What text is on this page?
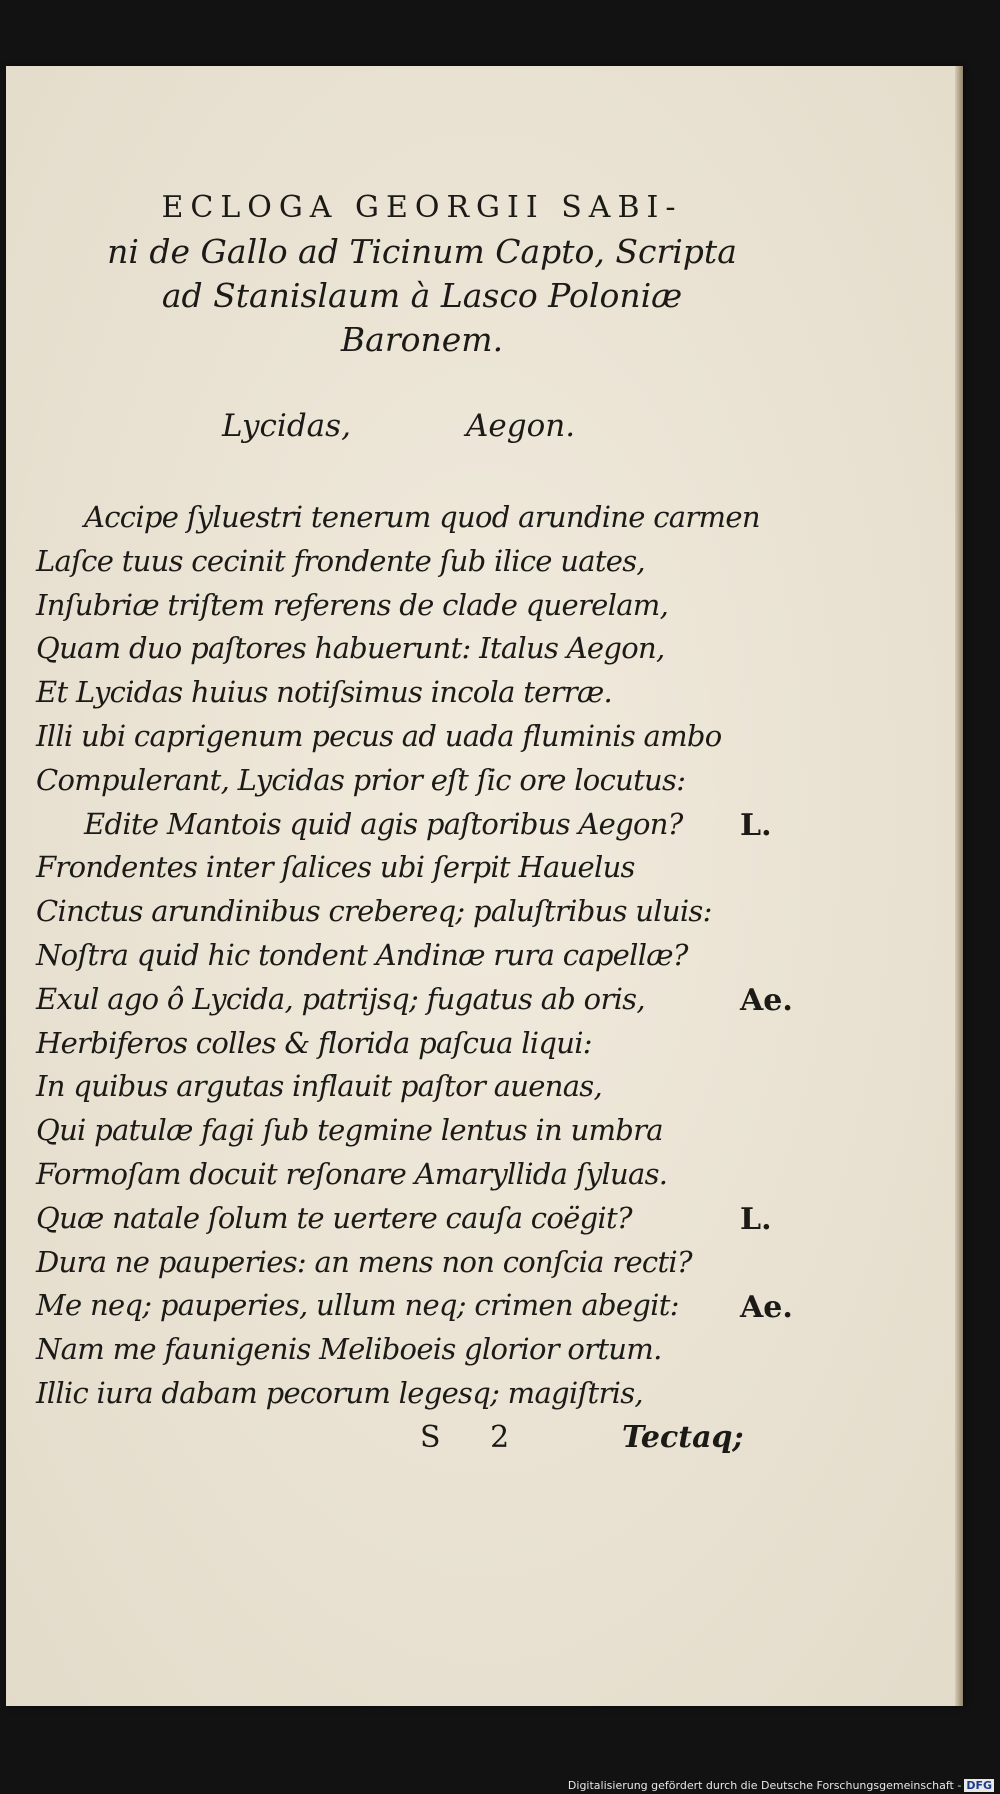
ECLOGA GEORGII SABI-
ni de Gallo ad Ticinum Capto, Scripta
ad Stanislaum à Lasco Poloniæ
Baronem.
Lycidas,	Aegon.
Accipe ſyluestri tenerum quod arundine carmen
Laſce tuus cecinit frondente ſub ilice uates,
Inſubriæ triſtem referens de clade querelam,
Quam duo paſtores habuerunt: Italus Aegon,
Et Lycidas huius notiſsimus incola terræ.
Illi ubi caprigenum pecus ad uada fluminis ambo
Compulerant, Lycidas prior eſt ſic ore locutus:
Edite Mantois quid agis paſtoribus Aegon?
Frondentes inter ſalices ubi ſerpit Hauelus
Cinctus arundinibus crebereq; paluſtribus uluis:
Noſtra quid hic tondent Andinæ rura capellæ?
Exul ago ô Lycida, patrijsq; fugatus ab oris,
Herbiferos colles & florida paſcua liqui:
In quibus argutas inflauit paſtor auenas,
Qui patulæ fagi ſub tegmine lentus in umbra
Formoſam docuit reſonare Amaryllida ſyluas.
Quæ natale ſolum te uertere cauſa coëgit?
Dura ne pauperies: an mens non conſcia recti?
Me neq; pauperies, ullum neq; crimen abegit:
Nam me faunigenis Meliboeis glorior ortum.
Illic iura dabam pecorum legesq; magiſtris,
L.
Ae.
L.
Ae.
S 2	Tectaq;
Digitalisierung gefördert durch die Deutsche Forschungsgemeinschaft - DFG
